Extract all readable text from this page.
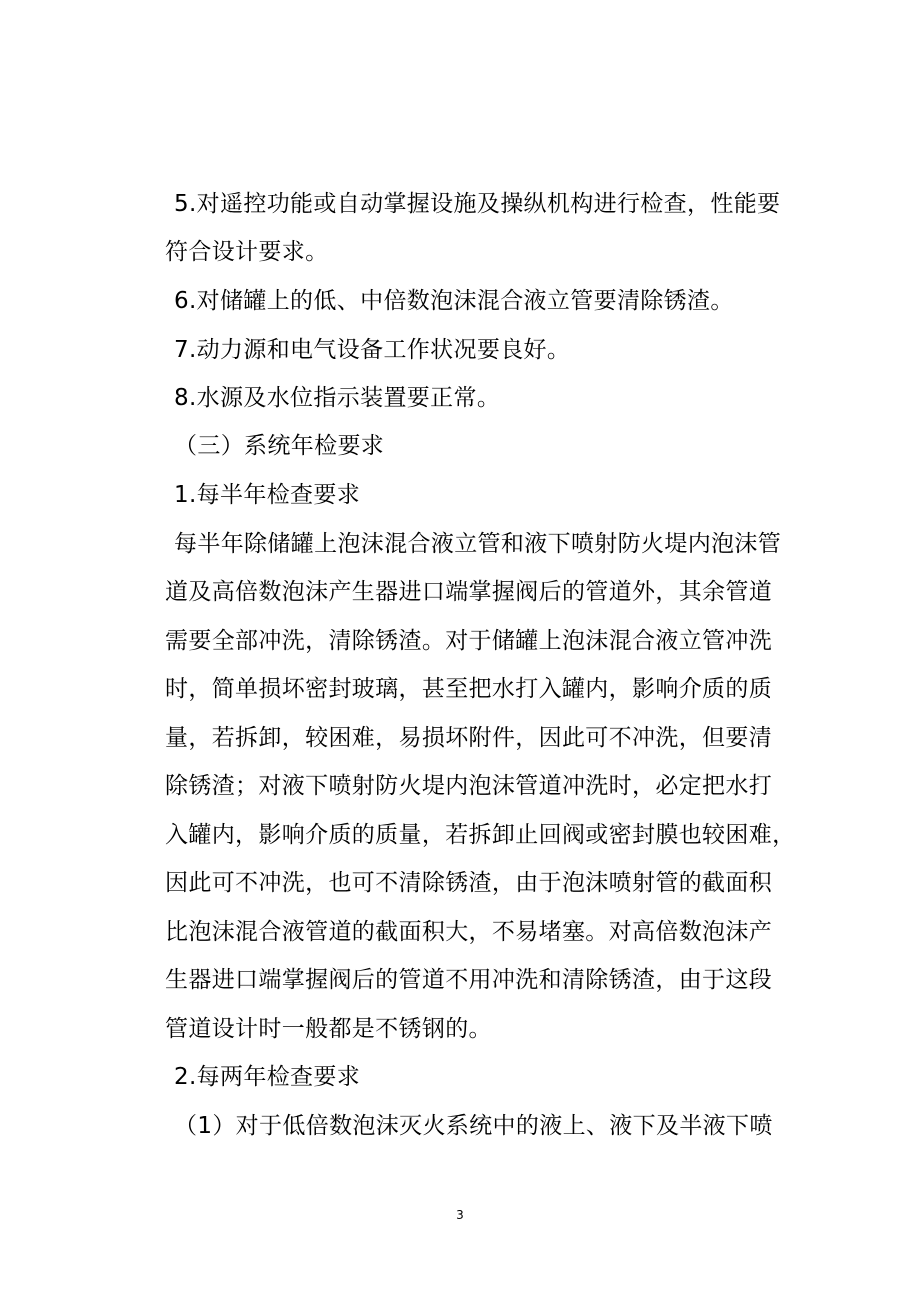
5.对遥控功能或自动掌握设施及操纵机构进行检查，性能要
符合设计要求。
6.对储罐上的低、中倍数泡沫混合液立管要清除锈渣。
7.动力源和电气设备工作状况要良好。
8.水源及水位指示装置要正常。
（三）系统年检要求
1.每半年检查要求
每半年除储罐上泡沫混合液立管和液下喷射防火堤内泡沫管
道及高倍数泡沫产生器进口端掌握阀后的管道外，其余管道
需要全部冲洗，清除锈渣。对于储罐上泡沫混合液立管冲洗
时，简单损坏密封玻璃，甚至把水打入罐内，影响介质的质
量，若拆卸，较困难，易损坏附件，因此可不冲洗，但要清
除锈渣；对液下喷射防火堤内泡沫管道冲洗时，必定把水打
入罐内，影响介质的质量，若拆卸止回阀或密封膜也较困难，
因此可不冲洗，也可不清除锈渣，由于泡沫喷射管的截面积
比泡沫混合液管道的截面积大，不易堵塞。对高倍数泡沫产
生器进口端掌握阀后的管道不用冲洗和清除锈渣，由于这段
管道设计时一般都是不锈钢的。
2.每两年检查要求
（1）对于低倍数泡沫灭火系统中的液上、液下及半液下喷
3
